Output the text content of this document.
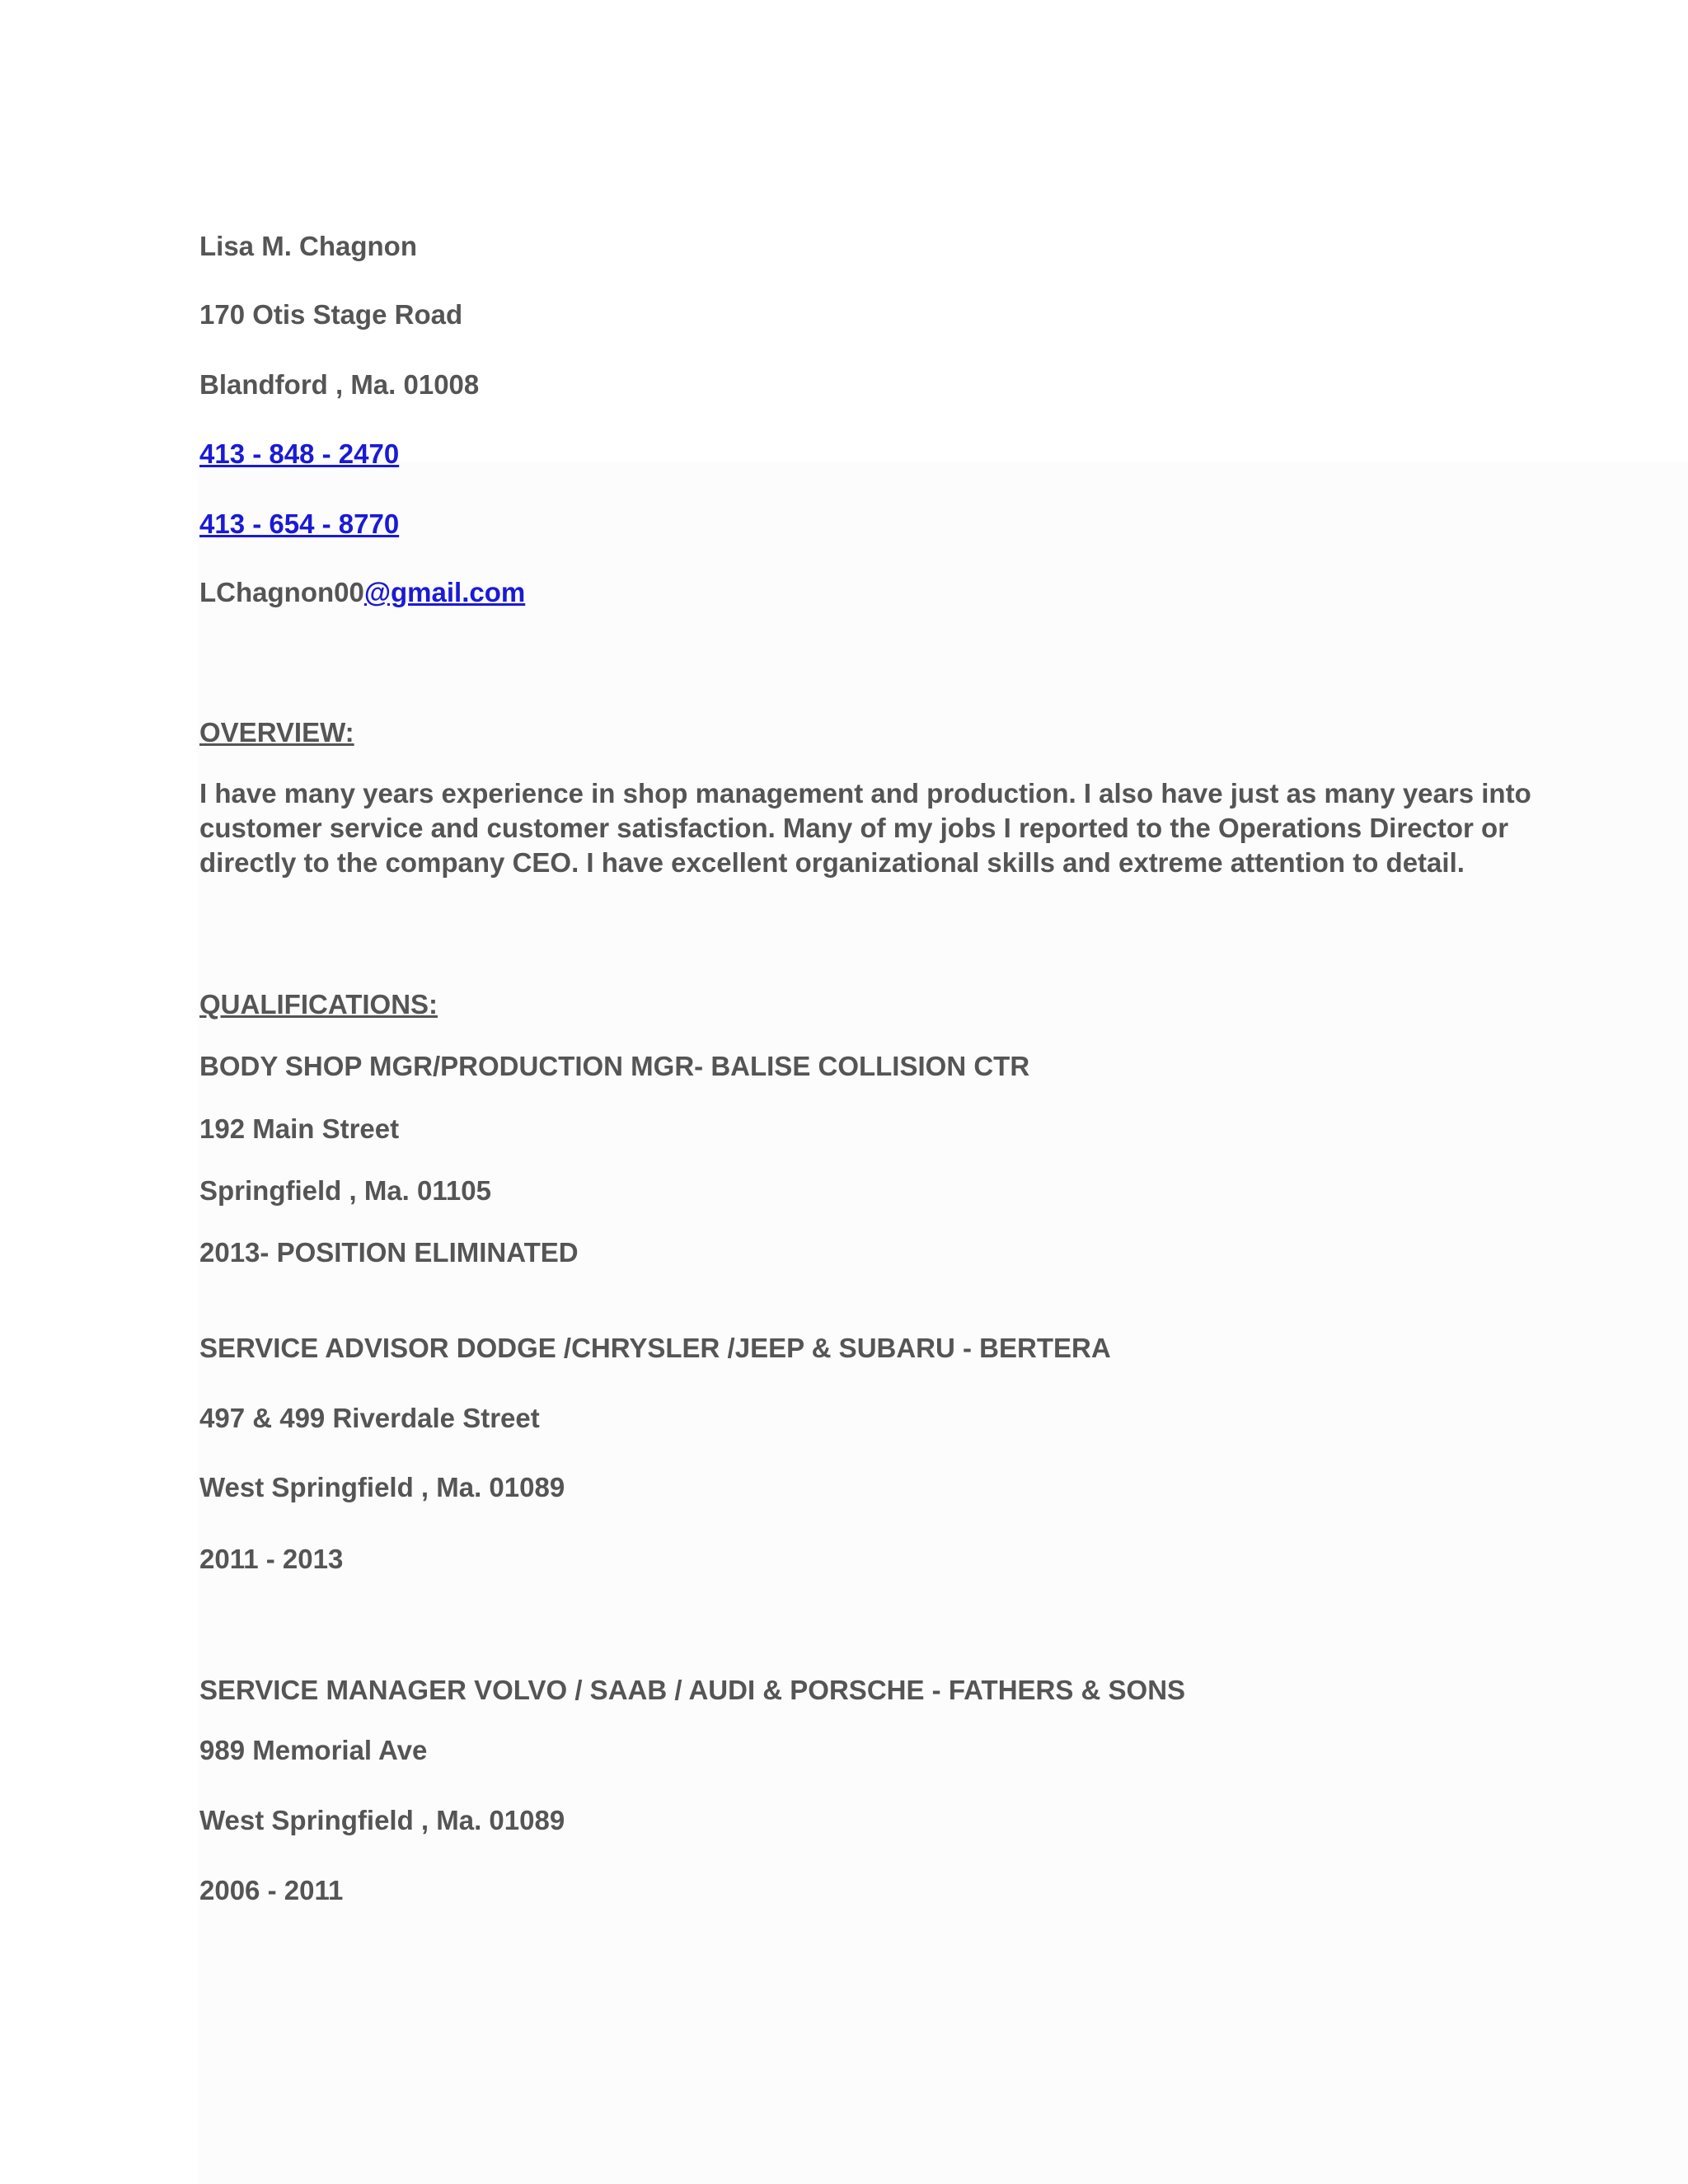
Lisa M. Chagnon
170 Otis Stage Road
Blandford , Ma. 01008
413 - 848 - 2470
413 - 654 - 8770
LChagnon00@gmail.com
OVERVIEW:

I have many years experience in shop management and production. I also have just as many years into customer service and customer satisfaction. Many of my jobs I reported to the Operations Director or directly to the company CEO. I have excellent organizational skills and extreme attention to detail.

QUALIFICATIONS:
BODY SHOP MGR/PRODUCTION MGR- BALISE COLLISION CTR
192 Main Street
Springfield , Ma. 01105
2013- POSITION ELIMINATED
SERVICE ADVISOR DODGE /CHRYSLER /JEEP & SUBARU - BERTERA
497 & 499 Riverdale Street
West Springfield , Ma. 01089
2011 - 2013
SERVICE MANAGER VOLVO / SAAB / AUDI & PORSCHE - FATHERS & SONS
989 Memorial Ave
West Springfield , Ma. 01089
2006 - 2011
